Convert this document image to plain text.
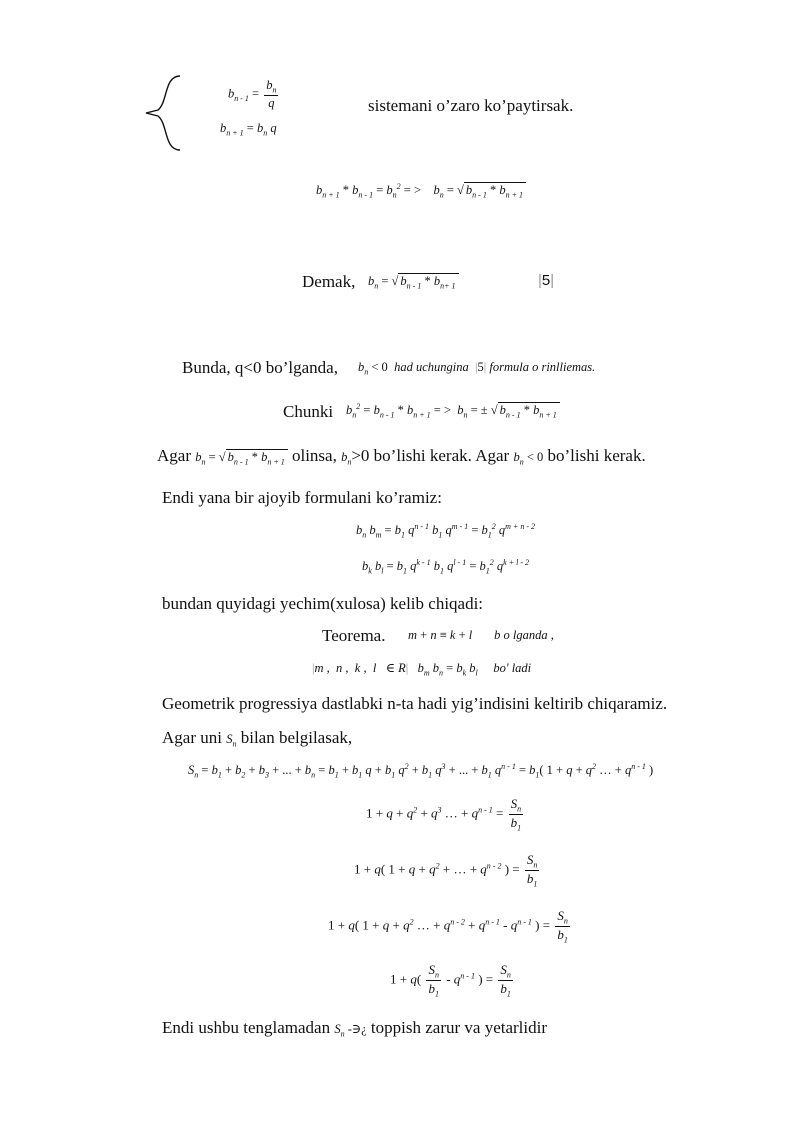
$b_{n - 1} = \frac{b_n}{q}$
$b_{n + 1} = b_n$ q
sistemani o’zaro ko’paytirsak.
$b_{n + 1} * b_{n - 1} = b_n^2$ = >    $b_n$ = √ $b_{n - 1} * b_{n + 1}$
Demak, $b_n$ = √ $b_{n - 1} * b_{n+ 1}$	|5|
Bunda, q<0 bo’lganda, $b_n < 0$ had uchungina |5| formula o rinlliemas.
Chunki $b_n^2 = b_{n - 1} * b_{n + 1}$ = >  $b_n$ = ± √ $b_{n - 1} * b_{n + 1}$
Agar $b_n$ = √ $b_{n - 1} * b_{n + 1}$ olinsa, $b_n>0$ bo’lishi kerak. Agar $b_n < 0$ bo’lishi kerak.
Endi yana bir ajoyib formulani ko’ramiz:
$b_n$ $b_m = b_1$ $q^{n - 1}$ $b_1$ $q^{m - 1} = b_1^2$ $q^{m + n - 2}$
$b_k$ $b_l = b_1$ $q^{k - 1}$ $b_1$ $q^{l - 1} = b_1^2$ $q^{k + l - 2}$
bundan quyidagi yechim(xulosa) kelib chiqadi:
Teorema. m + n ≡ k + l       b o lganda ,
|m ,  n ,  k ,  l   ∈ R|   $b_m$ $b_n = b_k$ $b_l$ bo' ladi
Geometrik progressiya dastlabki n-ta hadi yig’indisini keltirib chiqaramiz.
Agar uni $S_n$ bilan belgilasak,
$S_n = b_1 + b_2 + b_3$ + ... + $b_n = b_1 + b_1$ $q + b_1$ $q^2 + b_1$ $q^3$ + ... + $b_1$ $q^{n - 1} = b_1$( $1 + q + q^2$ … + $q^{n - 1}$ )
$1 + q + q^2 + q^3$ … + $q^{n - 1} = \frac{S_n}{b_1}$
1 + q( $1 + q + q^2$ + … + $q^{n - 2}$ ) = $\frac{S_n}{b_1}$
1 + q( $1 + q + q^2$ … + $q^{n - 2} + q^{n - 1} - q^{n - 1}$ ) = $\frac{S_n}{b_1}$
$1 + q( \frac{S_n}{b_1} - q^{n - 1}$ ) = $\frac{S_n}{b_1}$
Endi ushbu tenglamadan $S_n$ -∋¿ toppish zarur va yetarlidir
